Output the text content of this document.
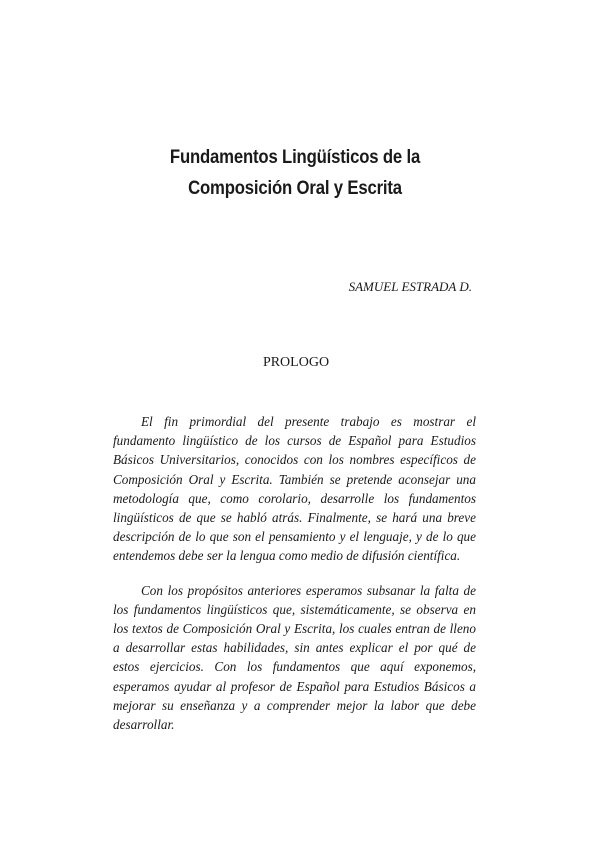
Fundamentos Lingüísticos de la
Composición Oral y Escrita
SAMUEL ESTRADA D.
PROLOGO

El fin primordial del presente trabajo es mostrar el fundamento lingüístico de los cursos de Español para Estudios Básicos Universitarios, conocidos con los nombres específicos de Composición Oral y Escrita. También se pretende aconsejar una metodología que, como corolario, desarrolle los fundamentos lingüísticos de que se habló atrás. Finalmente, se hará una breve descripción de lo que son el pensamiento y el lenguaje, y de lo que entendemos debe ser la lengua como medio de difusión científica.

Con los propósitos anteriores esperamos subsanar la falta de los fundamentos lingüísticos que, sistemáticamente, se observa en los textos de Composición Oral y Escrita, los cuales entran de lleno a desarrollar estas habilidades, sin antes explicar el por qué de estos ejercicios. Con los fundamentos que aquí exponemos, esperamos ayudar al profesor de Español para Estudios Básicos a mejorar su enseñanza y a comprender mejor la labor que debe desarrollar.
